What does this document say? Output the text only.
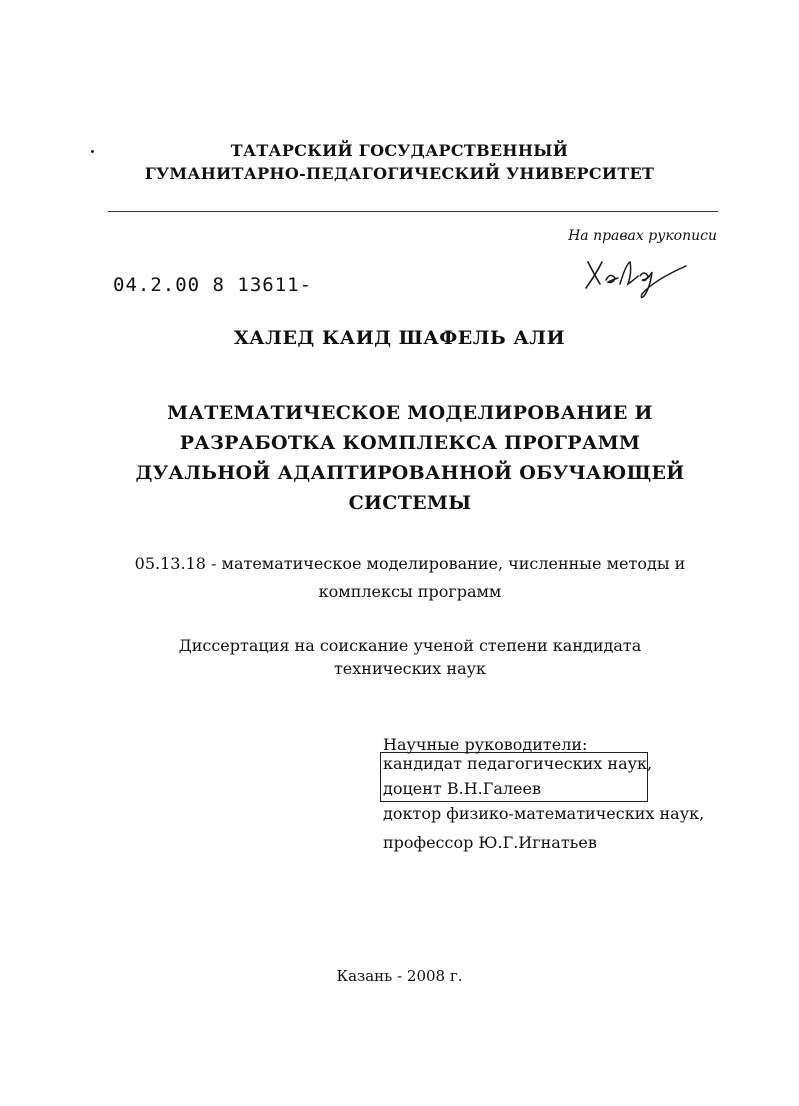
ТАТАРСКИЙ ГОСУДАРСТВЕННЫЙ
ГУМАНИТАРНО-ПЕДАГОГИЧЕСКИЙ УНИВЕРСИТЕТ
На правах рукописи
04.2.00 8 13611-
ХАЛЕД КАИД ШАФЕЛЬ АЛИ
МАТЕМАТИЧЕСКОЕ МОДЕЛИРОВАНИЕ И
РАЗРАБОТКА КОМПЛЕКСА ПРОГРАММ
ДУАЛЬНОЙ АДАПТИРОВАННОЙ ОБУЧАЮЩЕЙ
СИСТЕМЫ
05.13.18 - математическое моделирование, численные методы и
комплексы программ
Диссертация на соискание ученой степени кандидата
технических наук
Научные руководители:
кандидат педагогических наук,
доцент В.Н.Галеев
доктор физико-математических наук,
профессор Ю.Г.Игнатьев
Казань - 2008 г.
